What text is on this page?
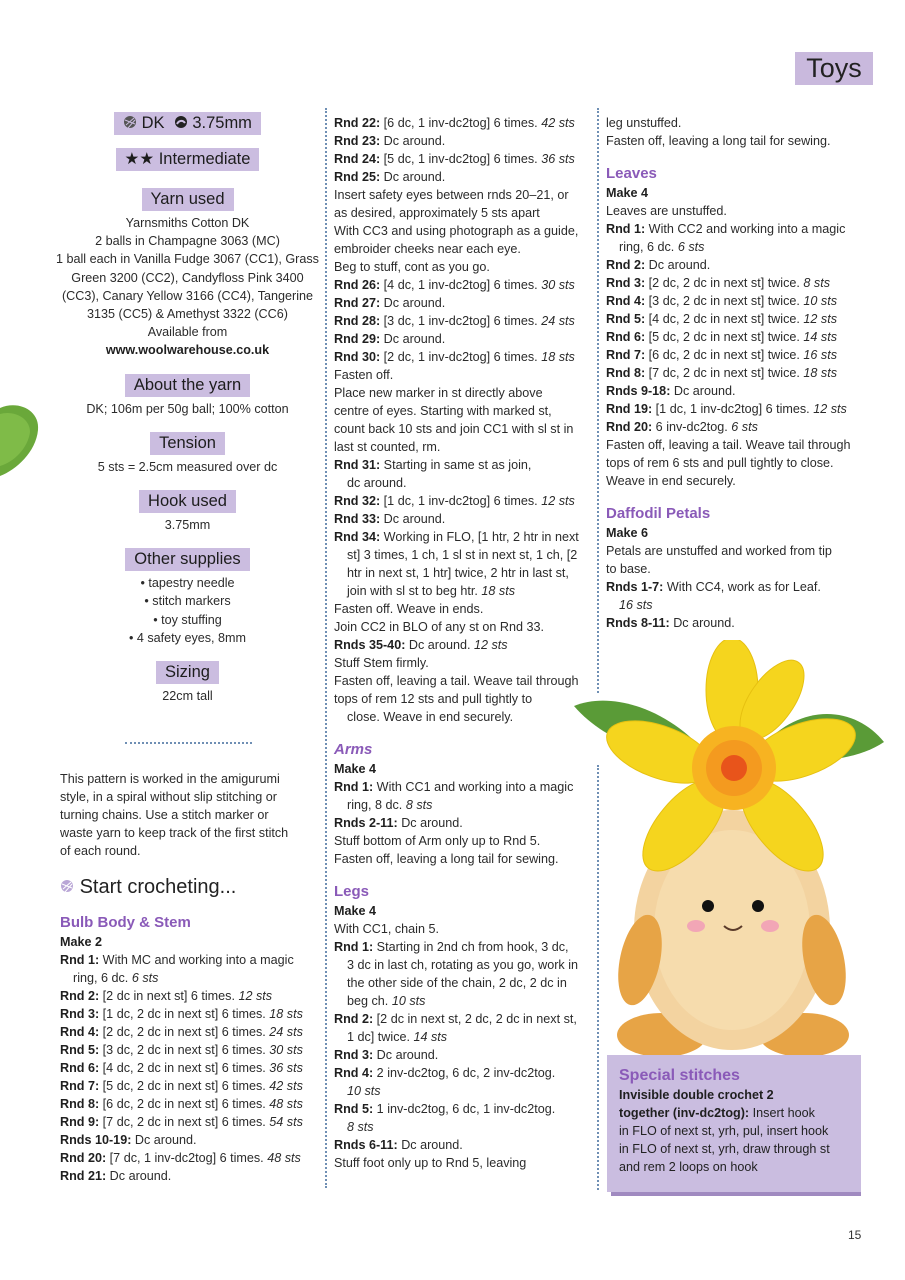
Toys
DK 3.75mm
★★ Intermediate
Yarn used

Yarnsmiths Cotton DK

2 balls in Champagne 3063 (MC)

1 ball each in Vanilla Fudge 3067 (CC1), Grass

Green 3200 (CC2), Candyfloss Pink 3400

(CC3), Canary Yellow 3166 (CC4), Tangerine

3135 (CC5) & Amethyst 3322 (CC6)

Available from

www.woolwarehouse.co.uk

About the yarn

DK; 106m per 50g ball; 100% cotton

Tension

5 sts = 2.5cm measured over dc

Hook used

3.75mm

Other supplies

• tapestry needle

• stitch markers

• toy stuffing

• 4 safety eyes, 8mm

Sizing

22cm tall

This pattern is worked in the amigurumi

style, in a spiral without slip stitching or

turning chains. Use a stitch marker or

waste yarn to keep track of the first stitch

of each round.

Start crocheting...

Bulb Body & Stem

Make 2

Rnd 1: With MC and working into a magic

ring, 6 dc. 6 sts

Rnd 2: [2 dc in next st] 6 times. 12 sts

Rnd 3: [1 dc, 2 dc in next st] 6 times. 18 sts

Rnd 4: [2 dc, 2 dc in next st] 6 times. 24 sts

Rnd 5: [3 dc, 2 dc in next st] 6 times. 30 sts

Rnd 6: [4 dc, 2 dc in next st] 6 times. 36 sts

Rnd 7: [5 dc, 2 dc in next st] 6 times. 42 sts

Rnd 8: [6 dc, 2 dc in next st] 6 times. 48 sts

Rnd 9: [7 dc, 2 dc in next st] 6 times. 54 sts

Rnds 10-19: Dc around.

Rnd 20: [7 dc, 1 inv-dc2tog] 6 times. 48 sts

Rnd 21: Dc around.

Rnd 22: [6 dc, 1 inv-dc2tog] 6 times. 42 sts

Rnd 23: Dc around.

Rnd 24: [5 dc, 1 inv-dc2tog] 6 times. 36 sts

Rnd 25: Dc around.

Insert safety eyes between rnds 20–21, or

as desired, approximately 5 sts apart

With CC3 and using photograph as a guide,

embroider cheeks near each eye.

Beg to stuff, cont as you go.

Rnd 26: [4 dc, 1 inv-dc2tog] 6 times. 30 sts

Rnd 27: Dc around.

Rnd 28: [3 dc, 1 inv-dc2tog] 6 times. 24 sts

Rnd 29: Dc around.

Rnd 30: [2 dc, 1 inv-dc2tog] 6 times. 18 sts

Fasten off.

Place new marker in st directly above

centre of eyes. Starting with marked st,

count back 10 sts and join CC1 with sl st in

last st counted, rm.

Rnd 31: Starting in same st as join,

dc around.

Rnd 32: [1 dc, 1 inv-dc2tog] 6 times. 12 sts

Rnd 33: Dc around.

Rnd 34: Working in FLO, [1 htr, 2 htr in next

st] 3 times, 1 ch, 1 sl st in next st, 1 ch, [2

htr in next st, 1 htr] twice, 2 htr in last st,

join with sl st to beg htr. 18 sts

Fasten off. Weave in ends.

Join CC2 in BLO of any st on Rnd 33.

Rnds 35-40: Dc around. 12 sts

Stuff Stem firmly.

Fasten off, leaving a tail. Weave tail through

tops of rem 12 sts and pull tightly to

close. Weave in end securely.

Arms

Make 4

Rnd 1: With CC1 and working into a magic

ring, 8 dc. 8 sts

Rnds 2-11: Dc around.

Stuff bottom of Arm only up to Rnd 5.

Fasten off, leaving a long tail for sewing.

Legs

Make 4

With CC1, chain 5.

Rnd 1: Starting in 2nd ch from hook, 3 dc,

3 dc in last ch, rotating as you go, work in

the other side of the chain, 2 dc, 2 dc in

beg ch. 10 sts

Rnd 2: [2 dc in next st, 2 dc, 2 dc in next st,

1 dc] twice. 14 sts

Rnd 3: Dc around.

Rnd 4: 2 inv-dc2tog, 6 dc, 2 inv-dc2tog.

10 sts

Rnd 5: 1 inv-dc2tog, 6 dc, 1 inv-dc2tog.

8 sts

Rnds 6-11: Dc around.

Stuff foot only up to Rnd 5, leaving

leg unstuffed.

Fasten off, leaving a long tail for sewing.

Leaves

Make 4

Leaves are unstuffed.

Rnd 1: With CC2 and working into a magic

ring, 6 dc. 6 sts

Rnd 2: Dc around.

Rnd 3: [2 dc, 2 dc in next st] twice. 8 sts

Rnd 4: [3 dc, 2 dc in next st] twice. 10 sts

Rnd 5: [4 dc, 2 dc in next st] twice. 12 sts

Rnd 6: [5 dc, 2 dc in next st] twice. 14 sts

Rnd 7: [6 dc, 2 dc in next st] twice. 16 sts

Rnd 8: [7 dc, 2 dc in next st] twice. 18 sts

Rnds 9-18: Dc around.

Rnd 19: [1 dc, 1 inv-dc2tog] 6 times. 12 sts

Rnd 20: 6 inv-dc2tog. 6 sts

Fasten off, leaving a tail. Weave tail through

tops of rem 6 sts and pull tightly to close.

Weave in end securely.

Daffodil Petals

Make 6

Petals are unstuffed and worked from tip

to base.

Rnds 1-7: With CC4, work as for Leaf.

16 sts

Rnds 8-11: Dc around.

Special stitches

Invisible double crochet 2

together (inv-dc2tog): Insert hook

in FLO of next st, yrh, pul, insert hook

in FLO of next st, yrh, draw through st

and rem 2 loops on hook

15
